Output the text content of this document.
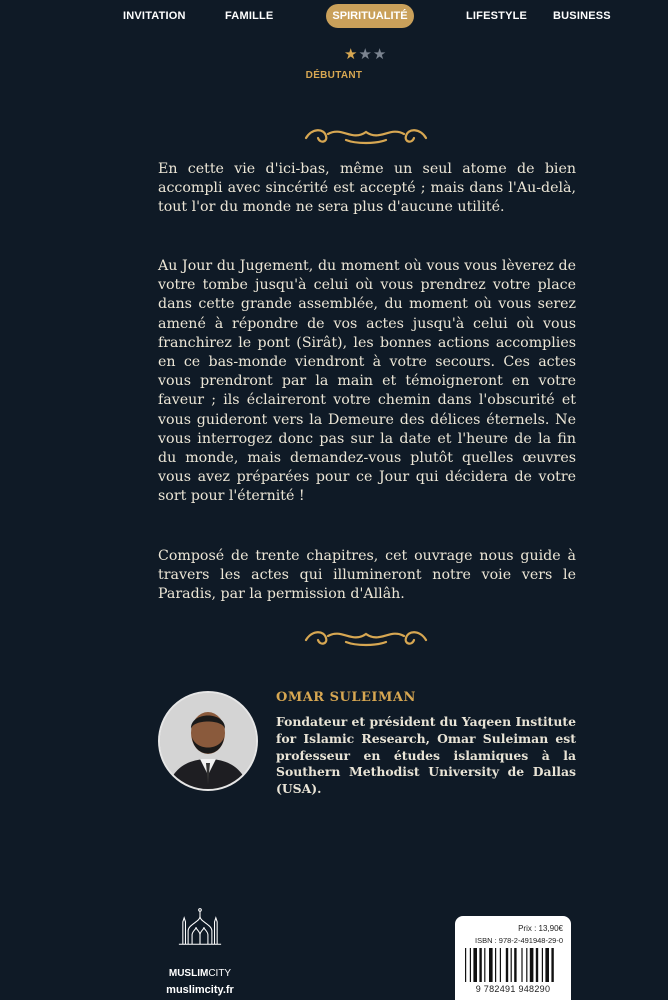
INVITATION	FAMILLE	SPIRITUALITÉ	LIFESTYLE BUSINESS
★★★
DÉBUTANT
En cette vie d'ici-bas, même un seul atome de bien accompli avec sincérité est accepté ; mais dans l'Au-delà, tout l'or du monde ne sera plus d'aucune utilité.
Au Jour du Jugement, du moment où vous vous lèverez de votre tombe jusqu'à celui où vous prendrez votre place dans cette grande assemblée, du moment où vous serez amené à répondre de vos actes jusqu'à celui où vous franchirez le pont (Sirât), les bonnes actions accomplies en ce bas-monde viendront à votre secours. Ces actes vous prendront par la main et témoigneront en votre faveur ; ils éclaireront votre chemin dans l'obscurité et vous guideront vers la Demeure des délices éternels. Ne vous interrogez donc pas sur la date et l'heure de la fin du monde, mais demandez-vous plutôt quelles œuvres vous avez préparées pour ce Jour qui décidera de votre sort pour l'éternité !
Composé de trente chapitres, cet ouvrage nous guide à travers les actes qui illumineront notre voie vers le Paradis, par la permission d'Allâh.
OMAR SULEIMAN
Fondateur et président du Yaqeen Institute for Islamic Research, Omar Suleiman est professeur en études islamiques à la Southern Methodist University de Dallas (USA).
MUSLIMCITY
muslimcity.fr
Prix : 13,90€
ISBN : 978-2-491948-29-0
9 782491 948290
